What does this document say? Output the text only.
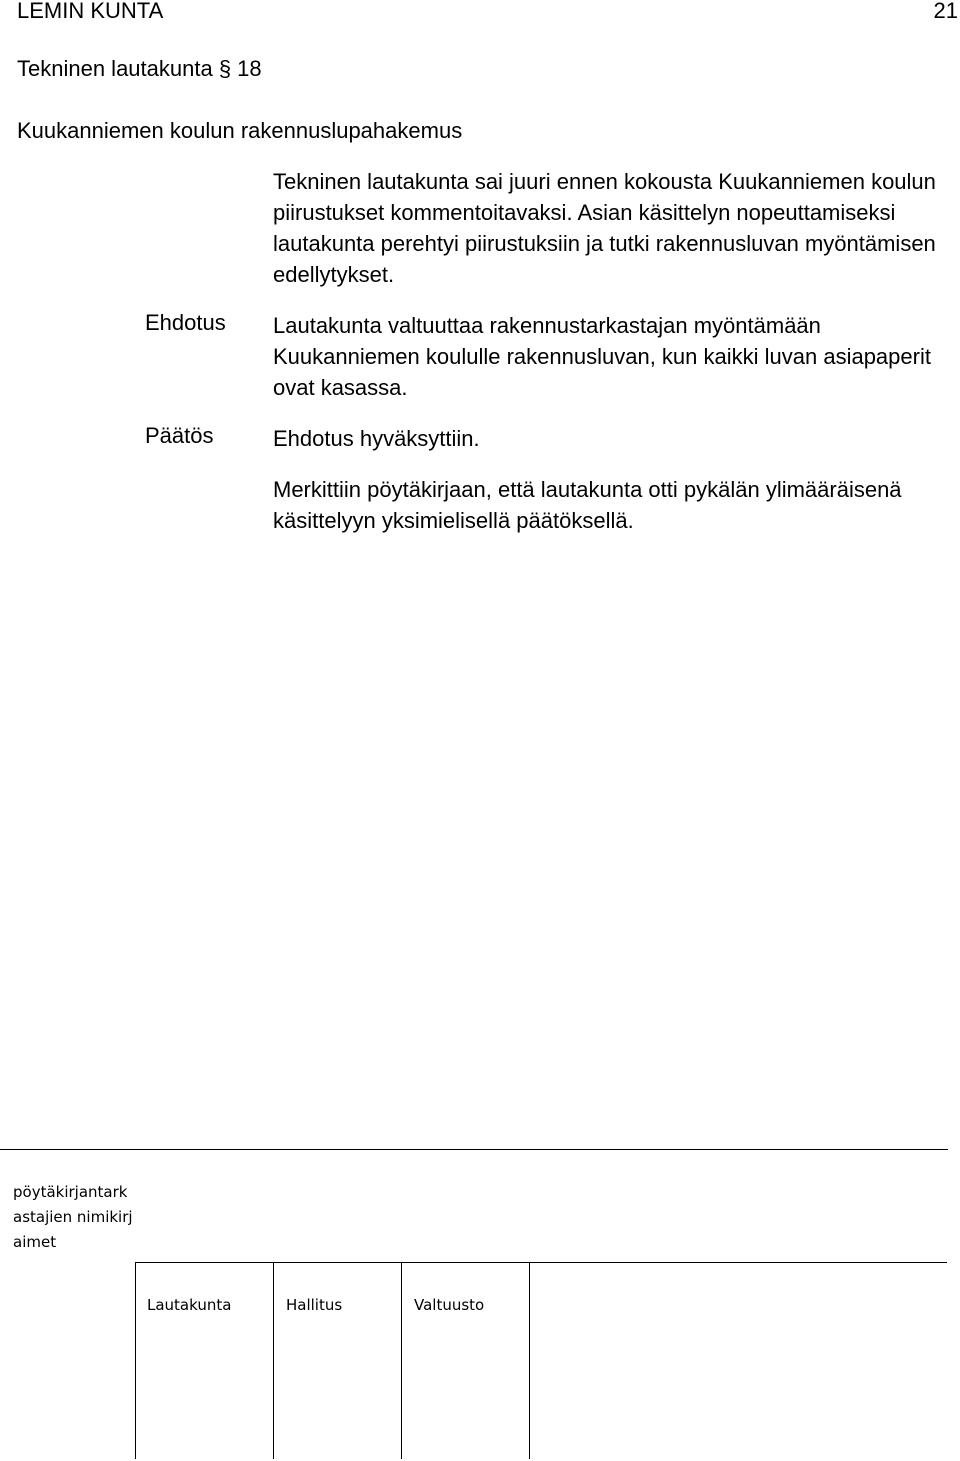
LEMIN KUNTA	21
Tekninen lautakunta § 18
Kuukanniemen koulun rakennuslupahakemus
Tekninen lautakunta sai juuri ennen kokousta Kuukanniemen koulun piirustukset kommentoitavaksi. Asian käsittelyn nopeuttamiseksi lautakunta perehtyi piirustuksiin ja tutki rakennusluvan myöntämisen edellytykset.
Ehdotus Lautakunta valtuuttaa rakennustarkastajan myöntämään Kuukanniemen koululle rakennusluvan, kun kaikki luvan asiapaperit ovat kasassa.
Päätös	Ehdotus hyväksyttiin.
Merkittiin pöytäkirjaan, että lautakunta otti pykälän ylimääräisenä käsittelyyn yksimielisellä päätöksellä.
pöytäkirjantarkastajien nimikirjaimet
Lautakunta	Hallitus	Valtuusto
